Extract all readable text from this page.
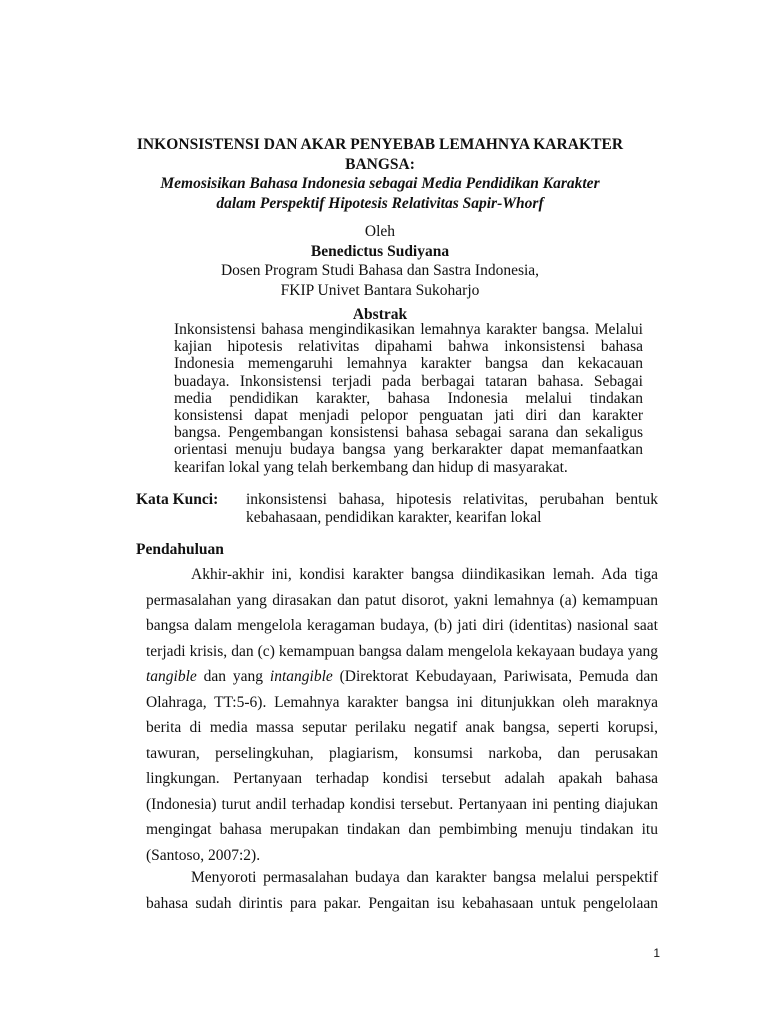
INKONSISTENSI DAN AKAR PENYEBAB LEMAHNYA KARAKTER
BANGSA:
Memosisikan Bahasa Indonesia sebagai Media Pendidikan Karakter
dalam Perspektif Hipotesis Relativitas Sapir-Whorf
Oleh
Benedictus Sudiyana
Dosen Program Studi Bahasa dan Sastra Indonesia,
FKIP Univet Bantara Sukoharjo
Abstrak
Inkonsistensi bahasa mengindikasikan lemahnya karakter bangsa. Melalui
kajian hipotesis relativitas dipahami bahwa inkonsistensi bahasa
Indonesia memengaruhi lemahnya karakter bangsa dan kekacauan
buadaya. Inkonsistensi terjadi pada berbagai tataran bahasa. Sebagai
media pendidikan karakter, bahasa Indonesia melalui tindakan
konsistensi dapat menjadi pelopor penguatan jati diri dan karakter
bangsa. Pengembangan konsistensi bahasa sebagai sarana dan sekaligus
orientasi menuju budaya bangsa yang berkarakter dapat memanfaatkan
kearifan lokal yang telah berkembang dan hidup di masyarakat.
Kata Kunci: inkonsistensi bahasa, hipotesis relativitas, perubahan bentuk
kebahasaan, pendidikan karakter, kearifan lokal
Pendahuluan
Akhir-akhir ini, kondisi karakter bangsa diindikasikan lemah. Ada tiga
permasalahan yang dirasakan dan patut disorot, yakni lemahnya (a) kemampuan
bangsa dalam mengelola keragaman budaya, (b) jati diri (identitas) nasional saat
terjadi krisis, dan (c) kemampuan bangsa dalam mengelola kekayaan budaya yang
tangible dan yang intangible (Direktorat Kebudayaan, Pariwisata, Pemuda dan
Olahraga, TT:5-6). Lemahnya karakter bangsa ini ditunjukkan oleh maraknya
berita di media massa seputar perilaku negatif anak bangsa, seperti korupsi,
tawuran, perselingkuhan, plagiarism, konsumsi narkoba, dan perusakan
lingkungan. Pertanyaan terhadap kondisi tersebut adalah apakah bahasa
(Indonesia) turut andil terhadap kondisi tersebut. Pertanyaan ini penting diajukan
mengingat bahasa merupakan tindakan dan pembimbing menuju tindakan itu
(Santoso, 2007:2).
Menyoroti permasalahan budaya dan karakter bangsa melalui perspektif
bahasa sudah dirintis para pakar. Pengaitan isu kebahasaan untuk pengelolaan
1
